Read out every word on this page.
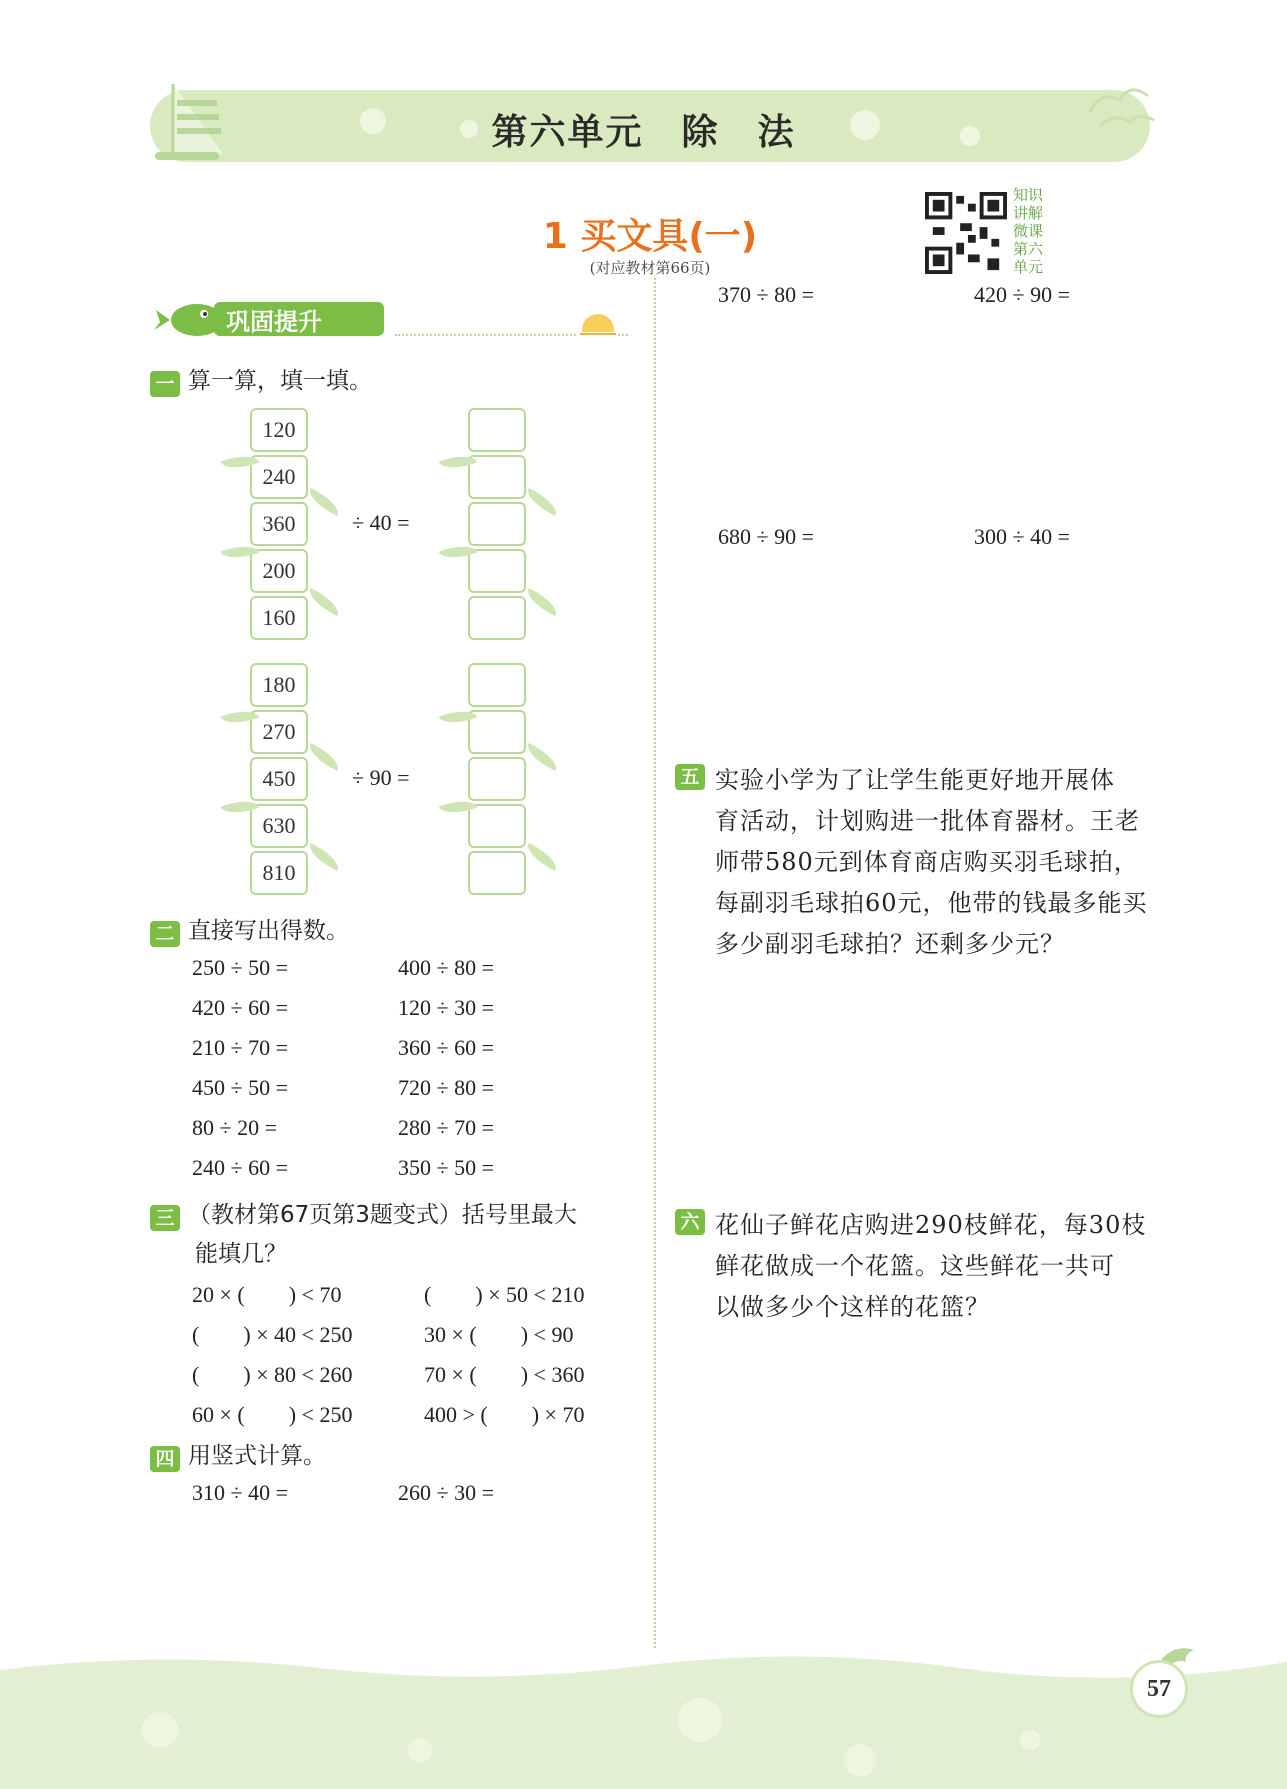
第六单元　除　法
1 买文具(一)
(对应教材第66页)
知识讲解微课 第六单元
巩固提升
一 算一算，填一填。
120
240
360
200
160
÷ 40 =
180
270
450
630
810
÷ 90 =
二 直接写出得数。
250 ÷ 50 =	400 ÷ 80 =
420 ÷ 60 =	120 ÷ 30 =
210 ÷ 70 =	360 ÷ 60 =
450 ÷ 50 =	720 ÷ 80 =
80 ÷ 20 =	280 ÷ 70 =
240 ÷ 60 =	350 ÷ 50 =
三 （教材第67页第3题变式）括号里最大
能填几？
20 × (　　) < 70	(　　) × 50 < 210
(　　) × 40 < 250	30 × (　　) < 90
(　　) × 80 < 260	70 × (　　) < 360
60 × (　　) < 250	400 > (　　) × 70
四 用竖式计算。
310 ÷ 40 =	260 ÷ 30 =
370 ÷ 80 =	420 ÷ 90 =
680 ÷ 90 =	300 ÷ 40 =
五 实验小学为了让学生能更好地开展体
育活动，计划购进一批体育器材。王老
师带580元到体育商店购买羽毛球拍，
每副羽毛球拍60元，他带的钱最多能买
多少副羽毛球拍？还剩多少元？
六 花仙子鲜花店购进290枝鲜花，每30枝
鲜花做成一个花篮。这些鲜花一共可
以做多少个这样的花篮？
57
